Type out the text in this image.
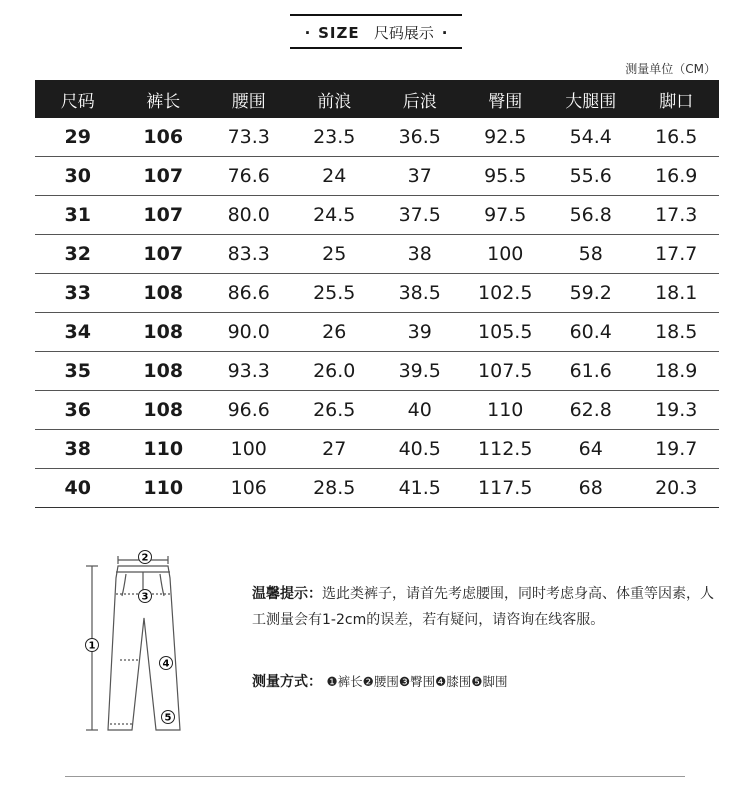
· SIZE 尺码展示 ·
测量单位（CM）
尺码	裤长	腰围	前浪	后浪	臀围	大腿围	脚口
29	106	73.3	23.5	36.5	92.5	54.4	16.5
30	107	76.6	24	37	95.5	55.6	16.9
31	107	80.0	24.5	37.5	97.5	56.8	17.3
32	107	83.3	25	38	100	58	17.7
33	108	86.6	25.5	38.5	102.5	59.2	18.1
34	108	90.0	26	39	105.5	60.4	18.5
35	108	93.3	26.0	39.5	107.5	61.6	18.9
36	108	96.6	26.5	40	110	62.8	19.3
38	110	100	27	40.5	112.5	64	19.7
40	110	106	28.5	41.5	117.5	68	20.3
2
3
1
4
5
温馨提示：选此类裤子，请首先考虑腰围，同时考虑身高、体重等因素，人工测量会有1-2cm的误差，若有疑问，请咨询在线客服。
测量方式： ❶裤长❷腰围❸臀围❹膝围❺脚围
